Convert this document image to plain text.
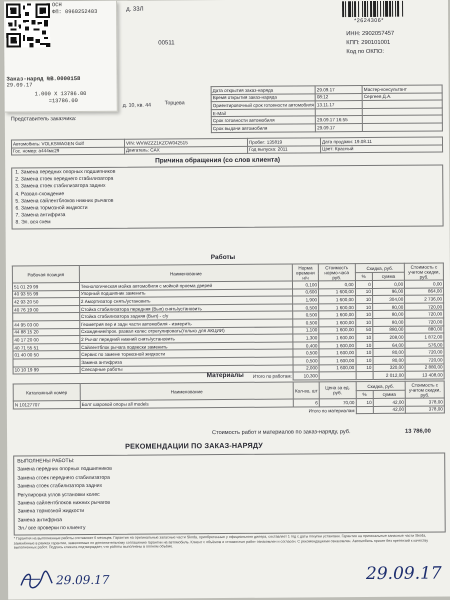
ОСН
ФП: 0960252403
Заказ-наряд №В.0000158
29.09.17
1.000 X 13786.00
=13786.00
д. 33Л
00511
д. 10, кв. 44
Представитель заказчика:
*2624306*
ИНН: 2902057457
КПП: 290101001
Код по ОКПО:
Дата открытия заказ-наряда	29.09.17	Мастер-консультант
Время открытия заказ-наряда	08:12	Сергеев Д.А.
Ориентировочный срок готовности автомобиля	13.11.17	
E-Mail		
Срок готовности автомобиля	29.09.17 16:55	
Срок выдачи автомобиля	29.09.17	
Торцева
Автомобиль: VOLKSWAGEN Golf	VIN: WVWZZZ1KZCW042515	Пробег: 135819	Дата продажи: 19.08.11
Гос. номер: а444мс29	Двигатель: CAX	Год выпуска: 2011	Цвет: Красный
Причина обращения (со слов клиента)
1. Замена передних опорных подшипников
2. Замена стоек переднего стабилизатора
3. Замена стоек стабилизатора задних
4. Развал-схождение
5. Замена сайлентблоков нижних рычагов
6. Замена тормозной жидкости
7. Замена антифриза
8. Эл. вся схем
Работы
Рабочая позиция	Наименование	Норма времени н/ч	Стоимость нормо-часа руб.	Скидка, руб.		Стоимость с учетом скидки, руб.
				%	сумма	
51 01 29 99	Технологическая мойка автомобиля с мойкой проема дверей	0,100	0,00	0	0,00	0,00
40 93 55 99	Упорный подшипник заменить	0,600	1 600,00	10	96,00	864,00
42 93 20 50	2 Амортизатор снять/установить	1,900	1 600,00	10	304,00	2 736,00
40 76 19 00	Стойка стабилизатора передняя (Вып) снять/установить	0,500	1 600,00	10	80,00	720,00
	Стойка стабилизатора задняя (Вып) - с/у	0,500	1 600,00	10	80,00	720,00
44 95 03 00	Геометрия пер и задн части автомобиля - измерить	0,500	1 600,00	10	80,00	720,00
44 88 15 20	Схождение/прок. развал колес отрегулировать(только для АКЦИИ)	1,100	1 600,00	50	880,00	880,00
40 17 20 00	2 Рычаг передний нижний снять/установить	1,300	1 600,00	10	208,00	1 872,00
40 71 55 51	Сайлентблок рычага подвески заменить	0,400	1 600,00	10	64,00	576,00
01 40 00 50	Сервис по замене тормозной жидкости	0,500	1 600,00	10	80,00	720,00
	Замена антифриза	0,500	1 600,00	10	80,00	720,00
10 10 19 99	Слесарные работы	2,000	1 600,00	10	320,00	2 880,00
Итого по работам:		10,300			2 012,00	13 408,00
Материалы
Каталожный номер	Наименование	Кол-во, шт	Цена за ед. руб.	Скидка, руб.		Стоимость с учетом скидки, руб.
				%	сумма	
N 10127707	Болт шаровой опоры all models	6	70,00	10	42,00	378,00
Итого по материалам					42,00	378,00
Стоимость работ и материалов по заказ-наряду, руб.	13 786,00
РЕКОМЕНДАЦИИ ПО ЗАКАЗ-НАРЯДУ
ВЫПОЛНЕНЫ РАБОТЫ:
Замена передних опорных подшипников
Замена стоек переднего стабилизатора
Замена стоек стабилизатора задних
Регулировка углов установки колес
Замена сайлентблоков нижних рычагов
Замена тормозной жидкости
Замена антифриза
Эл./ все проверки по клиенту
* Гарантия на выполненные работы составляет 6 месяцев. Гарантия на оригинальные запасные части Skoda, приобретенные у официального дилера, составляет 1 год с даты покупки установки. Гарантия на оригинальные запасные части Skoda, заменённые в рамках гарантии, заменяемые по дополнительному соглашению гарантии на автомобиль. Клиент с объёмом и стоимостью работ ознакомлен и согласен. С рекомендациями ознакомлен. Автомобиль принят без претензий к качеству выполненных работ. Подпись клиента подтверждает, что работы выполнены в полном объёме.
29.09.17	29.09.17
